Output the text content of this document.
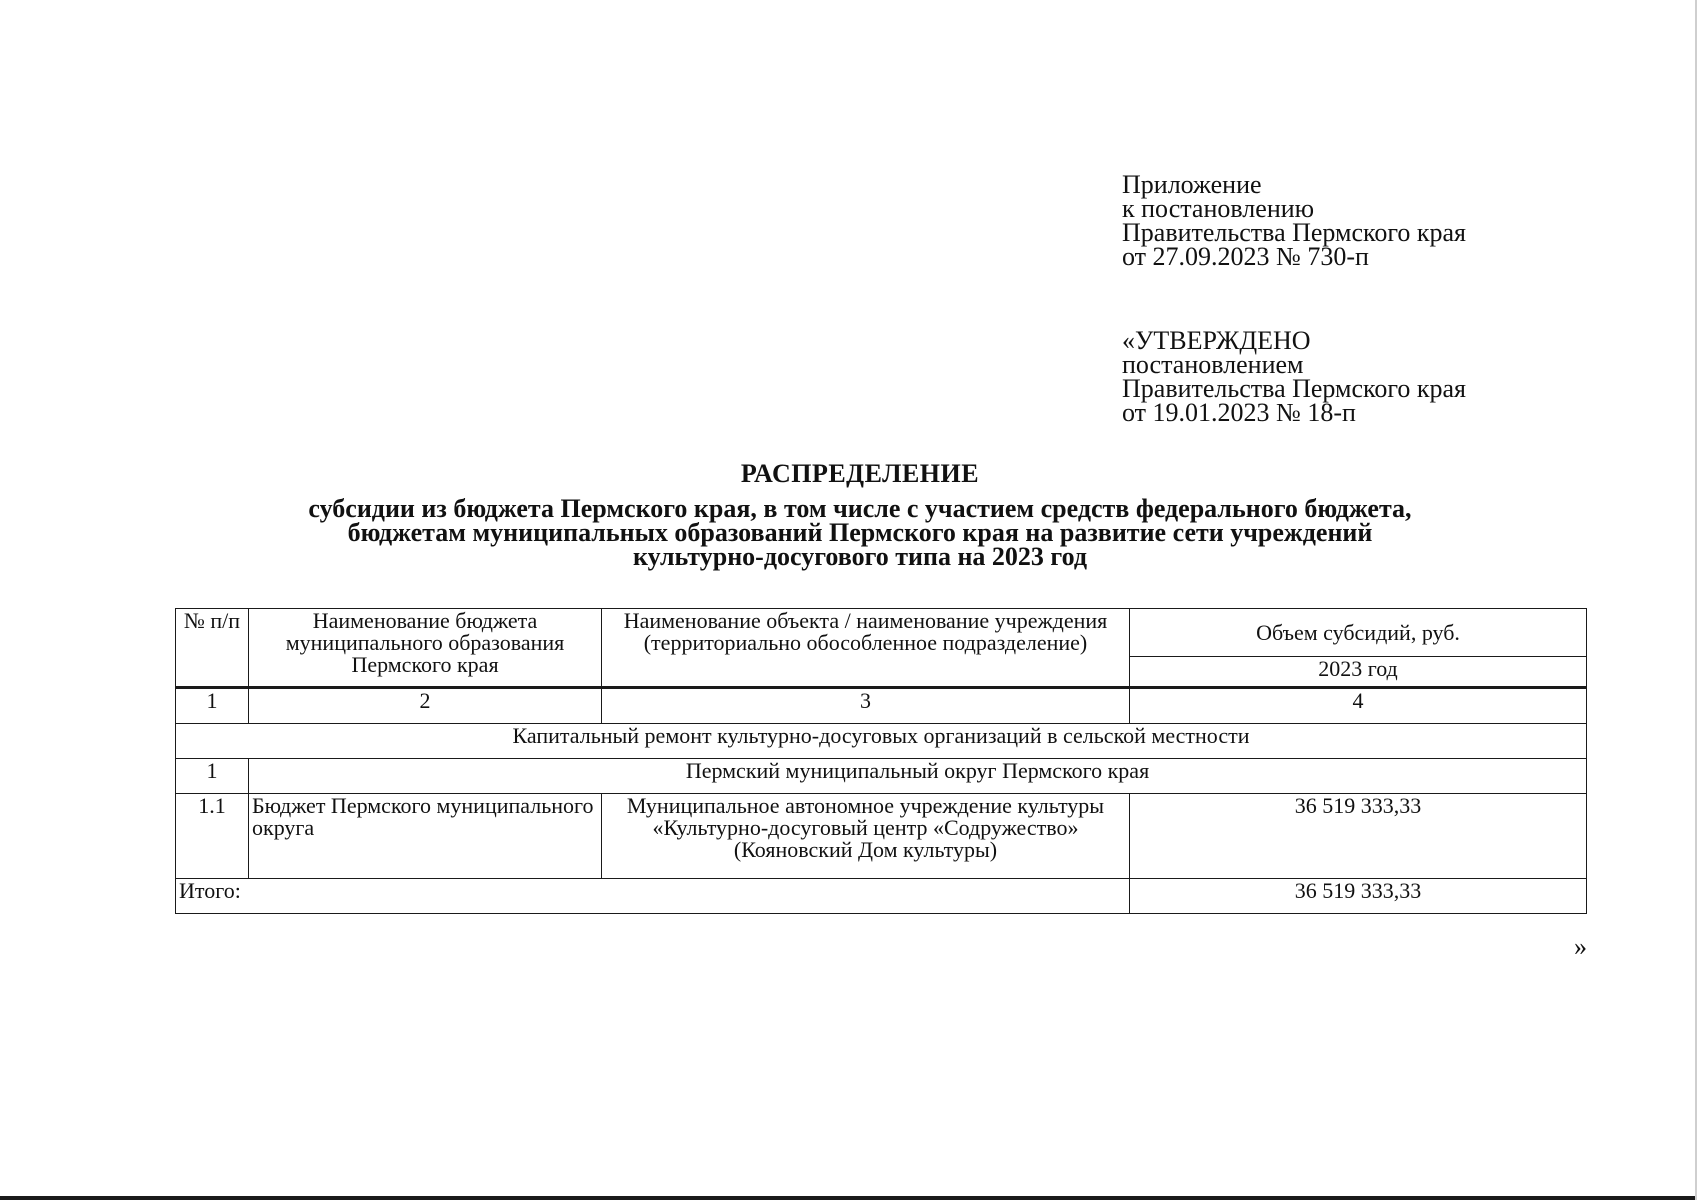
Приложение
к постановлению
Правительства Пермского края
от 27.09.2023 № 730-п
«УТВЕРЖДЕНО
постановлением
Правительства Пермского края
от 19.01.2023 № 18-п
РАСПРЕДЕЛЕНИЕ
субсидии из бюджета Пермского края, в том числе с участием средств федерального бюджета,
бюджетам муниципальных образований Пермского края на развитие сети учреждений
культурно-досугового типа на 2023 год
№ п/п	Наименование бюджета муниципального образования Пермского края	Наименование объекта / наименование учреждения (территориально обособленное подразделение)	Объем субсидий, руб.
			2023 год
1	2	3	4
Капитальный ремонт культурно-досуговых организаций в сельской местности			
1	Пермский муниципальный округ Пермского края		
1.1	Бюджет Пермского муниципального округа	Муниципальное автономное учреждение культуры «Культурно-досуговый центр «Содружество» (Кояновский Дом культуры)	36 519 333,33
Итого:			36 519 333,33
»
